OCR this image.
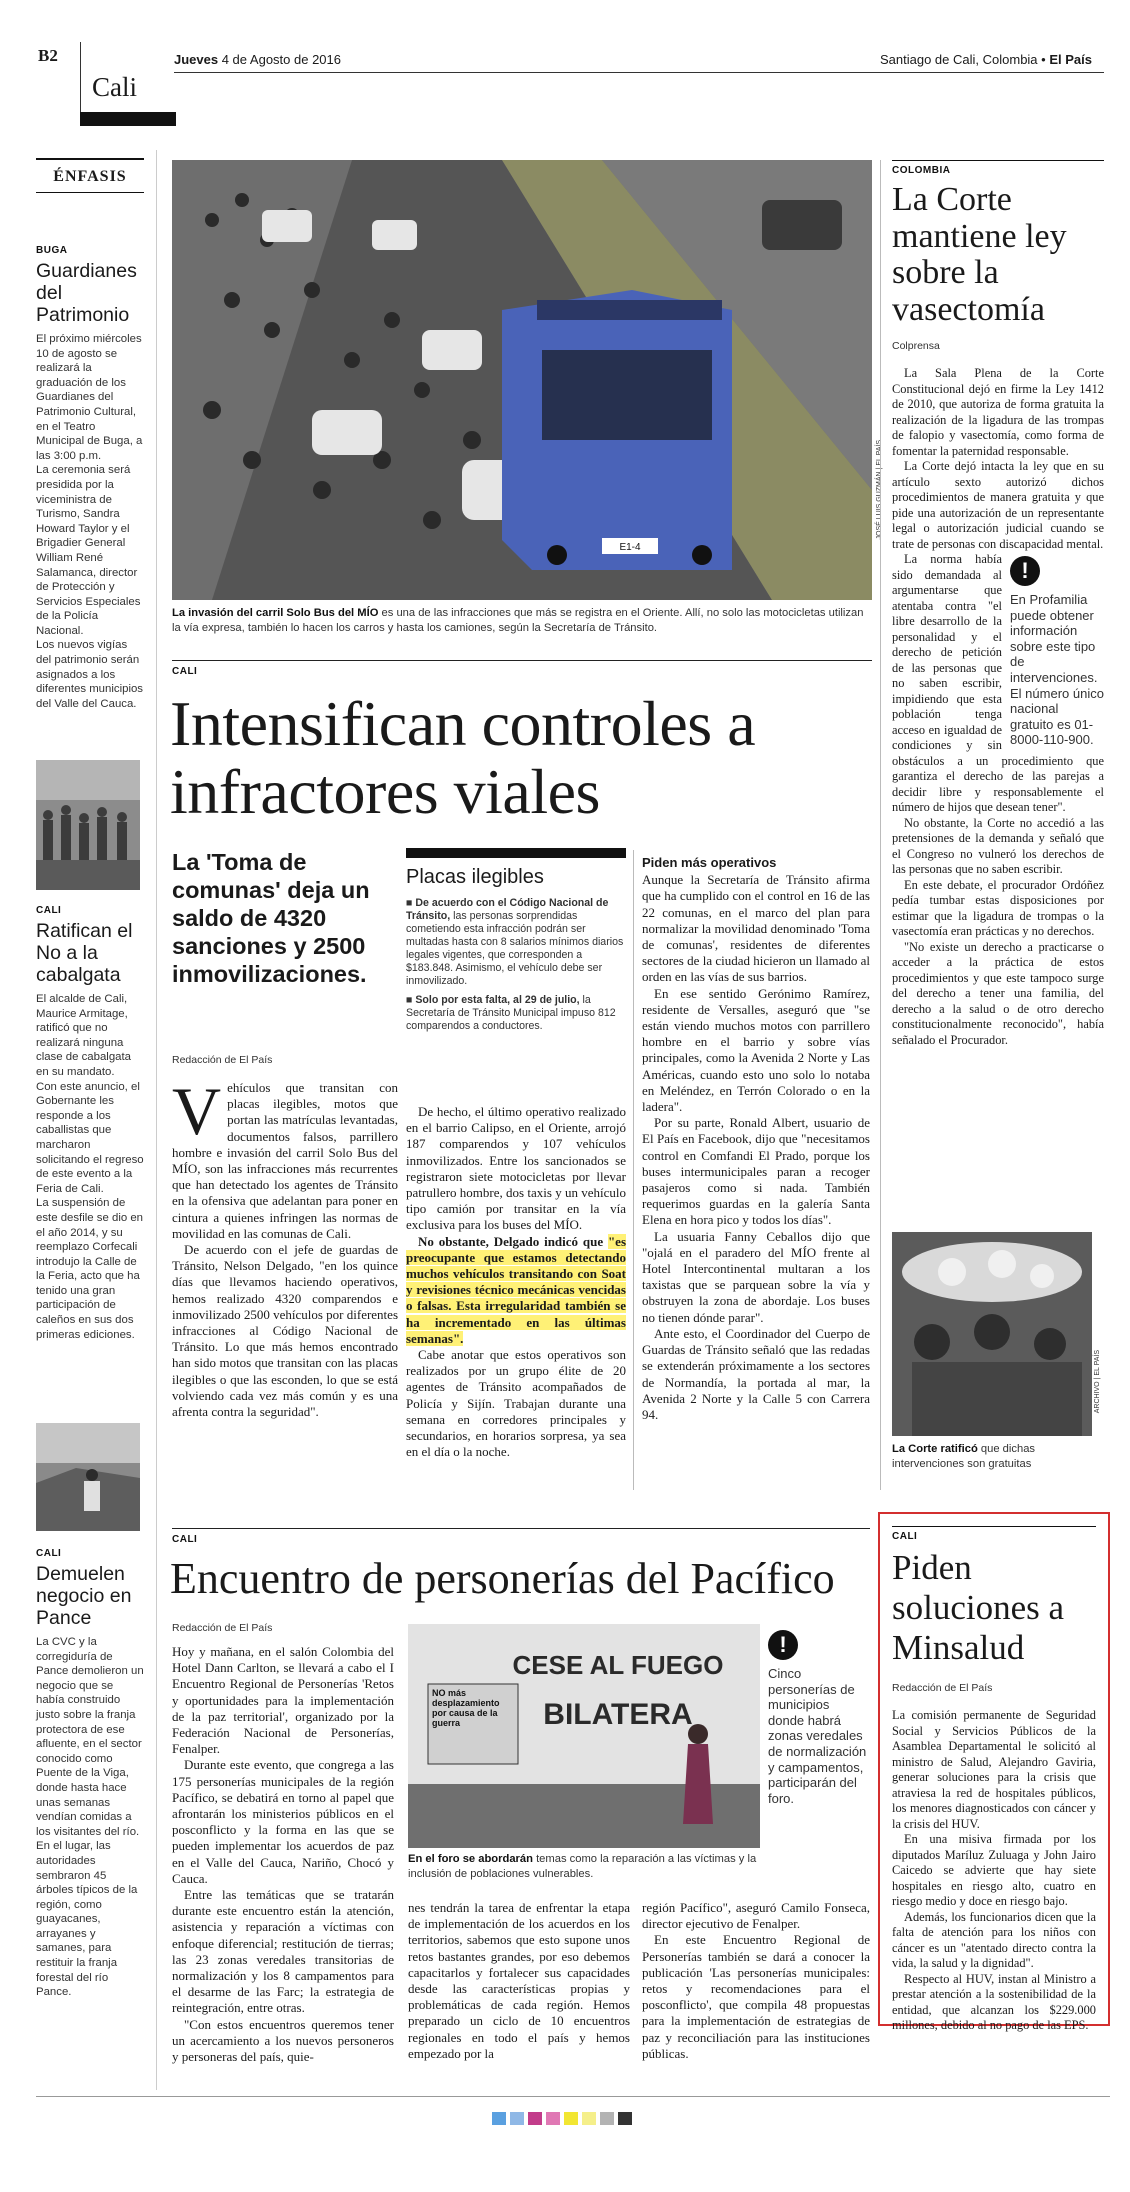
B2
Cali
Jueves 4 de Agosto de 2016	Santiago de Cali, Colombia • El País
ÉNFASIS
BUGA
Guardianes del Patrimonio

El próximo miércoles 10 de agosto se realizará la graduación de los Guardianes del Patrimonio Cultural, en el Teatro Municipal de Buga, a las 3:00 p.m.

La ceremonia será presidida por la viceministra de Turismo, Sandra Howard Taylor y el Brigadier General William René Salamanca, director de Protección y Servicios Especiales de la Policía Nacional.

Los nuevos vigías del patrimonio serán asignados a los diferentes municipios del Valle del Cauca.

CALI
Ratifican el No a la cabalgata

El alcalde de Cali, Maurice Armitage, ratificó que no realizará ninguna clase de cabalgata en su mandato.

Con este anuncio, el Gobernante les responde a los caballistas que marcharon solicitando el regreso de este evento a la Feria de Cali.

La suspensión de este desfile se dio en el año 2014, y su reemplazo Corfecali introdujo la Calle de la Feria, acto que ha tenido una gran participación de caleños en sus dos primeras ediciones.

CALI
Demuelen negocio en Pance

La CVC y la corregiduría de Pance demolieron un negocio que se había construido justo sobre la franja protectora de ese afluente, en el sector conocido como Puente de la Viga, donde hasta hace unas semanas vendían comidas a los visitantes del río. En el lugar, las autoridades sembraron 45 árboles típicos de la región, como guayacanes, arrayanes y samanes, para restituir la franja forestal del río Pance.

E1-4
La invasión del carril Solo Bus del MÍO es una de las infracciones que más se registra en el Oriente. Allí, no solo las motocicletas utilizan la vía expresa, también lo hacen los carros y hasta los camiones, según la Secretaría de Tránsito.
CALI
Intensifican controles a infractores viales
La 'Toma de comunas' deja un saldo de 4320 sanciones y 2500 inmovilizaciones.
Redacción de El País
V ehículos que transitan con placas ilegibles, motos que portan las matrículas levantadas, documentos falsos, parrillero hombre e invasión del carril Solo Bus del MÍO, son las infracciones más recurrentes que han detectado los agentes de Tránsito en la ofensiva que adelantan para poner en cintura a quienes infringen las normas de movilidad en las comunas de Cali.

De acuerdo con el jefe de guardas de Tránsito, Nelson Delgado, "en los quince días que llevamos haciendo operativos, hemos realizado 4320 comparendos e inmovilizado 2500 vehículos por diferentes infracciones al Código Nacional de Tránsito. Lo que más hemos encontrado han sido motos que transitan con las placas ilegibles o que las esconden, lo que se está volviendo cada vez más común y es una afrenta contra la seguridad".

Placas ilegibles

■ De acuerdo con el Código Nacional de Tránsito, las personas sorprendidas cometiendo esta infracción podrán ser multadas hasta con 8 salarios mínimos diarios legales vigentes, que corresponden a $183.848. Asimismo, el vehículo debe ser inmovilizado.

■ Solo por esta falta, al 29 de julio, la Secretaría de Tránsito Municipal impuso 812 comparendos a conductores.

De hecho, el último operativo realizado en el barrio Calipso, en el Oriente, arrojó 187 comparendos y 107 vehículos inmovilizados. Entre los sancionados se registraron siete motocicletas por llevar patrullero hombre, dos taxis y un vehículo tipo camión por transitar en la vía exclusiva para los buses del MÍO.

No obstante, Delgado indicó que "es preocupante que estamos detectando muchos vehículos transitando con Soat y revisiones técnico mecánicas vencidas o falsas. Esta irregularidad también se ha incrementado en las últimas semanas".

Cabe anotar que estos operativos son realizados por un grupo élite de 20 agentes de Tránsito acompañados de Policía y Sijín. Trabajan durante una semana en corredores principales y secundarios, en horarios sorpresa, ya sea en el día o la noche.

Piden más operativos

Aunque la Secretaría de Tránsito afirma que ha cumplido con el control en 16 de las 22 comunas, en el marco del plan para normalizar la movilidad denominado 'Toma de comunas', residentes de diferentes sectores de la ciudad hicieron un llamado al orden en las vías de sus barrios.

En ese sentido Gerónimo Ramírez, residente de Versalles, aseguró que "se están viendo muchos motos con parrillero hombre en el barrio y sobre vías principales, como la Avenida 2 Norte y Las Américas, cuando esto uno solo lo notaba en Meléndez, en Terrón Colorado o en la ladera".

Por su parte, Ronald Albert, usuario de El País en Facebook, dijo que "necesitamos control en Comfandi El Prado, porque los buses intermunicipales paran a recoger pasajeros como si nada. También requerimos guardas en la galería Santa Elena en hora pico y todos los días".

La usuaria Fanny Ceballos dijo que "ojalá en el paradero del MÍO frente al Hotel Intercontinental multaran a los taxistas que se parquean sobre la vía y obstruyen la zona de abordaje. Los buses no tienen dónde parar".

Ante esto, el Coordinador del Cuerpo de Guardas de Tránsito señaló que las redadas se extenderán próximamente a los sectores de Normandía, la portada al mar, la Avenida 2 Norte y la Calle 5 con Carrera 94.

COLOMBIA
La Corte mantiene ley sobre la vasectomía
Colprensa

La Sala Plena de la Corte Constitucional dejó en firme la Ley 1412 de 2010, que autoriza de forma gratuita la realización de la ligadura de las trompas de falopio y vasectomía, como forma de fomentar la paternidad responsable.

La Corte dejó intacta la ley que en su artículo sexto autorizó dichos procedimientos de manera gratuita y que pide una autorización de un representante legal o autorización judicial cuando se trate de personas con discapacidad mental.

!
En Profamilia puede obtener información sobre este tipo de intervenciones. El número único nacional gratuito es 01-8000-110-900.

La norma había sido demandada al argumentarse que atentaba contra "el libre desarrollo de la personalidad y el derecho de petición de las personas que no saben escribir, impidiendo que esta población tenga acceso en igualdad de condiciones y sin obstáculos a un procedimiento que garantiza el derecho de las parejas a decidir libre y responsablemente el número de hijos que desean tener".

No obstante, la Corte no accedió a las pretensiones de la demanda y señaló que el Congreso no vulneró los derechos de las personas que no saben escribir.

En este debate, el procurador Ordóñez pedía tumbar estas disposiciones por estimar que la ligadura de trompas o la vasectomía eran prácticas y no derechos.

"No existe un derecho a practicarse o acceder a la práctica de estos procedimientos y que este tampoco surge del derecho a tener una familia, del derecho a la salud o de otro derecho constitucionalmente reconocido", había señalado el Procurador.

ARCHIVO | EL PAÍS
La Corte ratificó que dichas intervenciones son gratuitas
CALI
Encuentro de personerías del Pacífico
Redacción de El País

Hoy y mañana, en el salón Colombia del Hotel Dann Carlton, se llevará a cabo el I Encuentro Regional de Personerías 'Retos y oportunidades para la implementación de la paz territorial', organizado por la Federación Nacional de Personerías, Fenalper.

Durante este evento, que congrega a las 175 personerías municipales de la región Pacífico, se debatirá en torno al papel que afrontarán los ministerios públicos en el posconflicto y la forma en las que se pueden implementar los acuerdos de paz en el Valle del Cauca, Nariño, Chocó y Cauca.

Entre las temáticas que se tratarán durante este encuentro están la atención, asistencia y reparación a víctimas con enfoque diferencial; restitución de tierras; las 23 zonas veredales transitorias de normalización y los 8 campamentos para el desarme de las Farc; la estrategia de reintegración, entre otras.

"Con estos encuentros queremos tener un acercamiento a los nuevos personeros y personeras del país, quie-

CESE AL FUEGO
BILATERA
NO más desplazamiento por causa de la guerra
En el foro se abordarán temas como la reparación a las víctimas y la inclusión de poblaciones vulnerables.
!
Cinco personerías de municipios donde habrá zonas veredales de normalización y campamentos, participarán del foro.

nes tendrán la tarea de enfrentar la etapa de implementación de los acuerdos en los territorios, sabemos que esto supone unos retos bastantes grandes, por eso debemos capacitarlos y fortalecer sus capacidades desde las características propias y problemáticas de cada región. Hemos preparado un ciclo de 10 encuentros regionales en todo el país y hemos empezado por la

región Pacífico", aseguró Camilo Fonseca, director ejecutivo de Fenalper.

En este Encuentro Regional de Personerías también se dará a conocer la publicación 'Las personerías municipales: retos y recomendaciones para el posconflicto', que compila 48 propuestas para la implementación de estrategias de paz y reconciliación para las instituciones públicas.

CALI
Piden soluciones a Minsalud
Redacción de El País

La comisión permanente de Seguridad Social y Servicios Públicos de la Asamblea Departamental le solicitó al ministro de Salud, Alejandro Gaviria, generar soluciones para la crisis que atraviesa la red de hospitales públicos, los menores diagnosticados con cáncer y la crisis del HUV.

En una misiva firmada por los diputados Maríluz Zuluaga y John Jairo Caicedo se advierte que hay siete hospitales en riesgo alto, cuatro en riesgo medio y doce en riesgo bajo.

Además, los funcionarios dicen que la falta de atención para los niños con cáncer es un "atentado directo contra la vida, la salud y la dignidad".

Respecto al HUV, instan al Ministro a prestar atención a la sostenibilidad de la entidad, que alcanzan los $229.000 millones, debido al no pago de las EPS.
